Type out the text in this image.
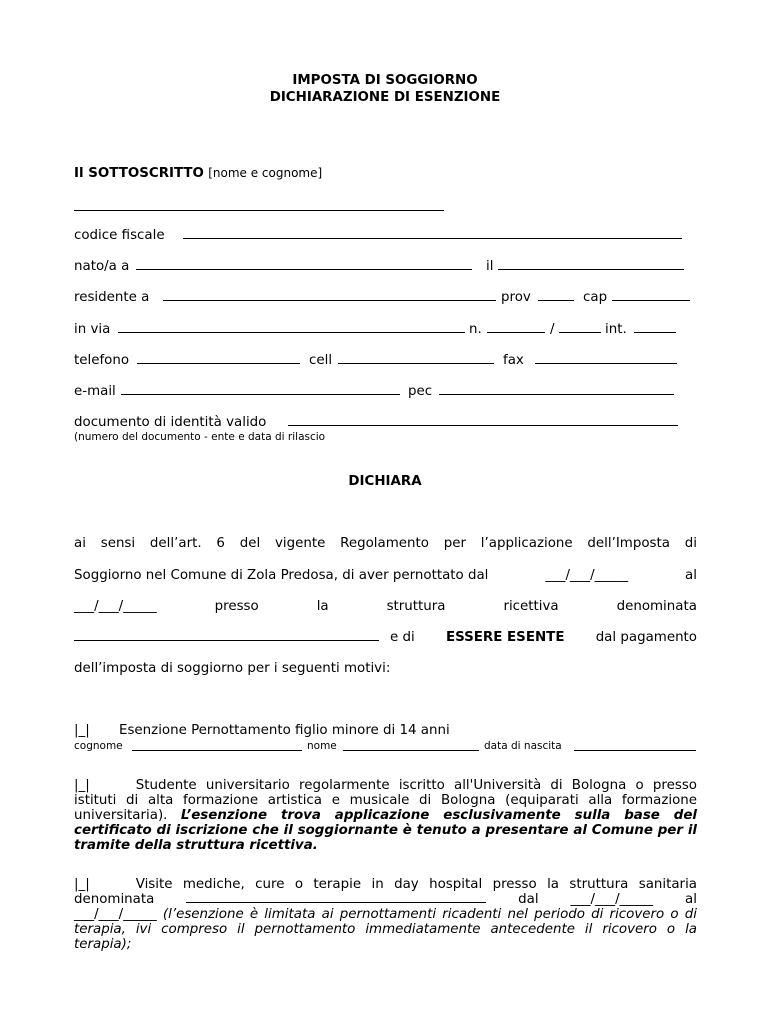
IMPOSTA DI SOGGIORNO
DICHIARAZIONE DI ESENZIONE
Il SOTTOSCRITTO [nome e cognome]
codice fiscale
nato/a a	il
residente a	prov	cap
in via	n.	/	int.
telefono	cell	fax
e-mail	pec
documento di identità valido
(numero del documento - ente e data di rilascio
DICHIARA
ai sensi dell’art. 6 del vigente Regolamento per l’applicazione dell’Imposta di
Soggiorno nel Comune di Zola Predosa, di aver pernottato dal	___/___/_____	al
___/___/_____	presso	la	struttura	ricettiva	denominata
e di ESSERE ESENTE dal pagamento
dell’imposta di soggiorno per i seguenti motivi:
|_| Esenzione Pernottamento figlio minore di 14 anni
cognome	nome	data di nascita
|_|	Studente universitario regolarmente iscritto all'Università di Bologna o presso istituti di alta formazione artistica e musicale di Bologna (equiparati alla formazione universitaria). L’esenzione trova applicazione esclusivamente sulla base del certificato di iscrizione che il soggiornante è tenuto a presentare al Comune per il tramite della struttura ricettiva.
|_|	Visite mediche, cure o terapie in day hospital presso la struttura sanitaria
denominata	dal ___/___/_____ al
___/___/_____ (l’esenzione è limitata ai pernottamenti ricadenti nel periodo di ricovero o di terapia, ivi compreso il pernottamento immediatamente antecedente il ricovero o la terapia);
